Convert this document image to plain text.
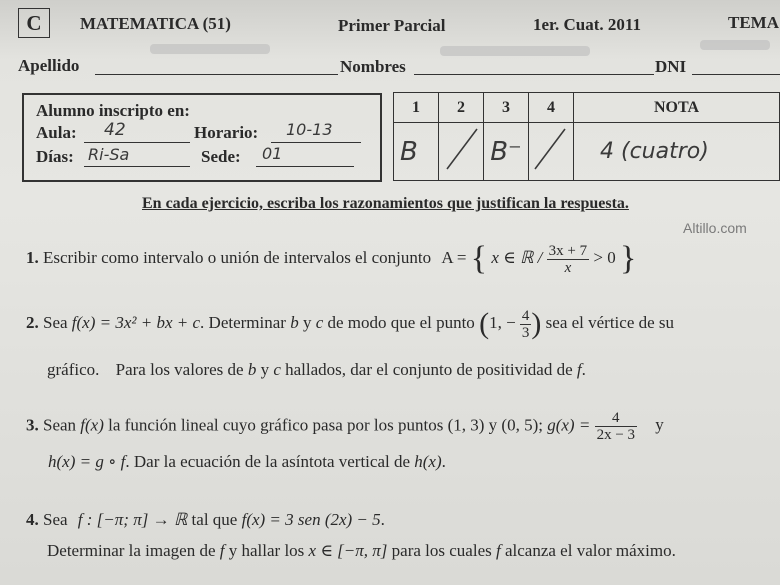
C	MATEMATICA (51)	Primer Parcial	1er. Cuat. 2011	TEMA
Apellido	Nombres	DNI
Alumno inscripto en:
Aula: 42	Horario: 10-13
Días: Ri-Sa	Sede: 01
1	2	3	4	NOTA
B		B⁻		4 (cuatro)
En cada ejercicio, escriba los razonamientos que justifican la respuesta.
Altillo.com
1. Escribir como intervalo o unión de intervalos el conjunto A = { x ∈ ℝ / $\frac{3x + 7}{x} > 0$ }
2. Sea f(x) = 3x² + bx + c. Determinar b y c de modo que el punto (1, − $\frac{4}{3}$ ) sea el vértice de su
gráfico. Para los valores de b y c hallados, dar el conjunto de positividad de f.
3. Sean f(x) la función lineal cuyo gráfico pasa por los puntos (1, 3) y (0, 5); $g(x) = \frac{4}{2x - 3}$ y
h(x) = g ∘ f. Dar la ecuación de la asíntota vertical de h(x).
4. Sea f : [−π; π] → ℝ tal que f(x) = 3 sen (2x) − 5.
Determinar la imagen de f y hallar los x ∈ [−π, π] para los cuales f alcanza el valor máximo.
